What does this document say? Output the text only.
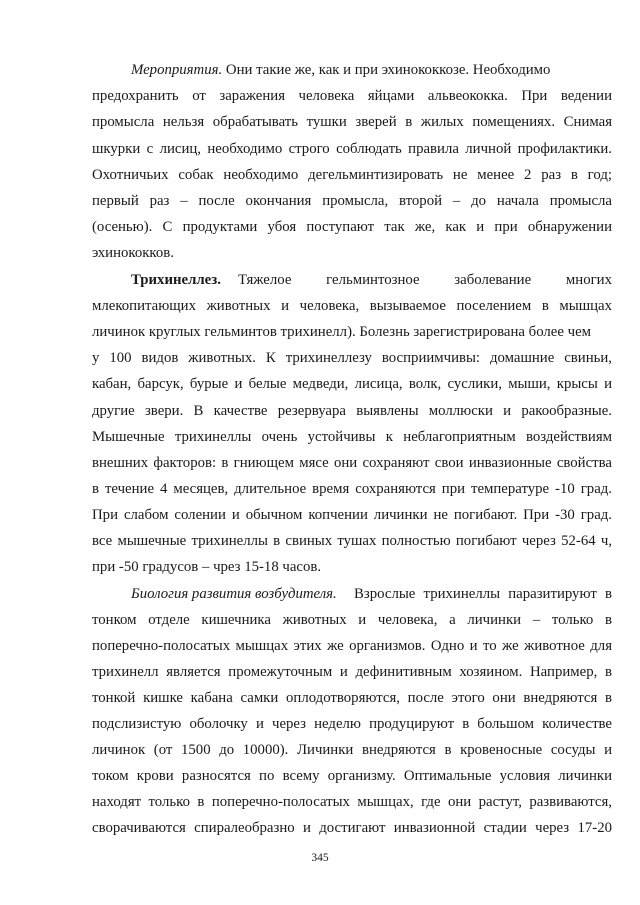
Мероприятия. Они такие же, как и при эхинококкозе. Необходимо
предохранить от заражения человека яйцами альвеококка. При ведении
промысла нельзя обрабатывать тушки зверей в жилых помещениях. Снимая
шкурки с лисиц, необходимо строго соблюдать правила личной профилактики.
Охотничьих собак необходимо дегельминтизировать не менее 2 раз в год;
первый раз – после окончания промысла, второй – до начала промысла
(осенью). С продуктами убоя поступают так же, как и при обнаружении
эхинококков.
Трихинеллез. Тяжелое гельминтозное заболевание многих
млекопитающих животных и человека, вызываемое поселением в мышцах
личинок круглых гельминтов трихинелл). Болезнь зарегистрирована более чем
у 100 видов животных. К трихинеллезу восприимчивы: домашние свиньи,
кабан, барсук, бурые и белые медведи, лисица, волк, суслики, мыши, крысы и
другие звери. В качестве резервуара выявлены моллюски и ракообразные.
Мышечные трихинеллы очень устойчивы к неблагоприятным воздействиям
внешних факторов: в гниющем мясе они сохраняют свои инвазионные свойства
в течение 4 месяцев, длительное время сохраняются при температуре -10 град.
При слабом солении и обычном копчении личинки не погибают. При -30 град.
все мышечные трихинеллы в свиных тушах полностью погибают через 52-64 ч,
при -50 градусов – чрез 15-18 часов.
Биология развития возбудителя. Взрослые трихинеллы паразитируют в
тонком отделе кишечника животных и человека, а личинки – только в
поперечно-полосатых мышцах этих же организмов. Одно и то же животное для
трихинелл является промежуточным и дефинитивным хозяином. Например, в
тонкой кишке кабана самки оплодотворяются, после этого они внедряются в
подслизистую оболочку и через неделю продуцируют в большом количестве
личинок (от 1500 до 10000). Личинки внедряются в кровеносные сосуды и
током крови разносятся по всему организму. Оптимальные условия личинки
находят только в поперечно-полосатых мышцах, где они растут, развиваются,
сворачиваются спиралеобразно и достигают инвазионной стадии через 17-20
345
